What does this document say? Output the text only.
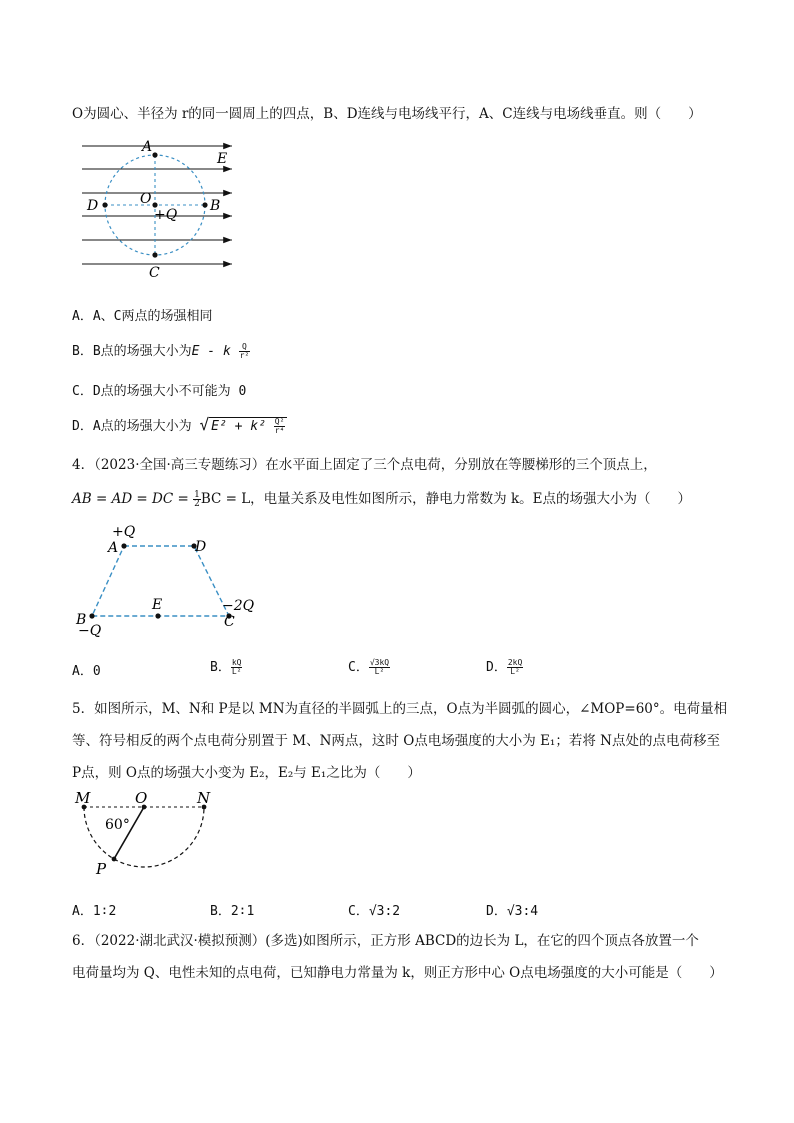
O为圆心、半径为 r的同一圆周上的四点，B、D连线与电场线平行，A、C连线与电场线垂直。则（　　）
A
E
O
D	B
+Q
C
A．A、C两点的场强相同
B．B点的场强大小为E - k $\frac{Q}{\text{r²}}$
C．D点的场强大小不可能为 0
D．A点的场强大小为 √ $E^2 + k^2 \frac{\text{Q²}}{\text{r⁴}}$
4．（2023·全国·高三专题练习）在水平面上固定了三个点电荷，分别放在等腰梯形的三个顶点上，
AB = AD = DC = $\frac{1}{2}$ BC = L，电量关系及电性如图所示，静电力常数为 k。E点的场强大小为（　　）
+Q
A	D
−2Q
E
B
−Q
C
A．0	B． $\frac{kQ}{\text{L²}}$	C． $\frac{√3kQ}{\text{L²}}$	D． $\frac{2kQ}{\text{L²}}$
5．如图所示，M、N和 P是以 MN为直径的半圆弧上的三点，O点为半圆弧的圆心，∠MOP=60°。电荷量相
等、符号相反的两个点电荷分别置于 M、N两点，这时 O点电场强度的大小为 E₁；若将 N点处的点电荷移至
P点，则 O点的场强大小变为 E₂，E₂与 E₁之比为（　　）
M	O	N
60°
P
A．1∶2	B．2∶1	C．√3:2	D．√3:4
6．（2022·湖北武汉·模拟预测）(多选)如图所示，正方形 ABCD的边长为 L，在它的四个顶点各放置一个
电荷量均为 Q、电性未知的点电荷，已知静电力常量为 k，则正方形中心 O点电场强度的大小可能是（　　）
